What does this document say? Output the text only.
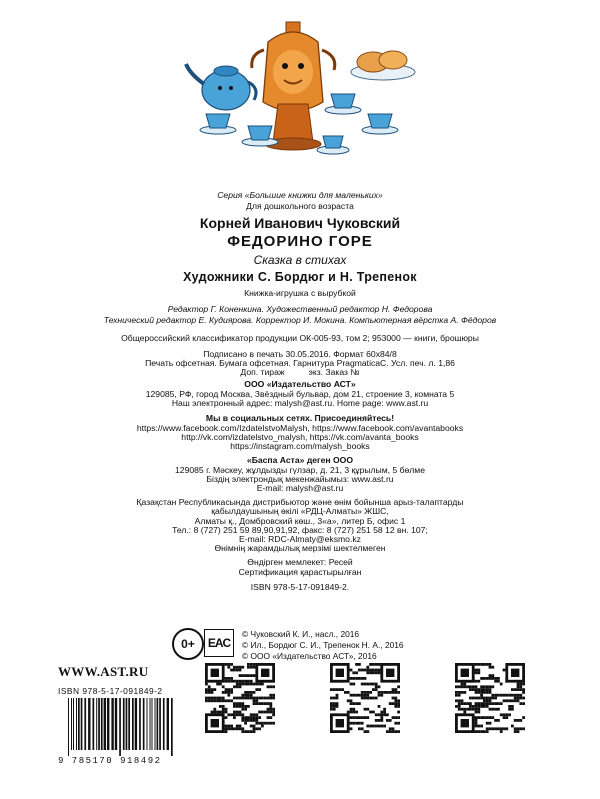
Серия «Большие книжки для маленьких»
Для дошкольного возраста
Корней Иванович Чуковский
ФЕДОРИНО ГОРЕ
Сказка в стихах
Художники С. Бордюг и Н. Трепенок
Книжка-игрушка с вырубкой
Редактор Г. Коненкина. Художественный редактор Н. Федорова
Технический редактор Е. Кудиярова. Корректор И. Мокина. Компьютерная вёрстка А. Фёдоров
Общероссийский классификатор продукции ОК-005-93, том 2; 953000 — книги, брошюры
Подписано в печать 30.05.2016. Формат 60х84/8
Печать офсетная. Бумага офсетная. Гарнитура PragmaticaC. Усл. печ. л. 1,86
Доп. тираж          экз. Заказ №
ООО «Издательство АСТ»
129085, РФ, город Москва, Звёздный бульвар, дом 21, строение 3, комната 5
Наш электронный адрес: malysh@ast.ru. Home page: www.ast.ru
Мы в социальных сетях. Присоединяйтесь!
https://www.facebook.com/IzdatelstvoMalysh, https://www.facebook.com/avantabooks
http://vk.com/izdatelstvo_malysh, https://vk.com/avanta_books
https://instagram.com/malysh_books
«Баспа Аста» деген ООО
129085 г. Мәскеу, жұлдызды гүлзар, д. 21, 3 құрылым, 5 бөлме
Біздің электрондық мекенжайымыз: www.ast.ru
E-mail: malysh@ast.ru
Қазақстан Республикасында дистрибьютор және өнім бойынша арыз-талаптарды
қабылдаушының өкілі «РДЦ-Алматы» ЖШС,
Алматы қ., Домбровский көш., 3«а», литер Б, офис 1
Тел.: 8 (727) 251 59 89,90,91,92, факс: 8 (727) 251 58 12 вн. 107;
E-mail: RDC-Almaty@eksmo.kz
Өнімнің жарамдылық мерзімі шектелмеген
Өндірген мемлекет: Ресей
Сертификация қарастырылған
ISBN 978-5-17-091849-2.
0+ EAC
© Чуковский К. И., насл., 2016
© Ил., Бордюг С. И., Трепенок Н. А., 2016
© ООО «Издательство АСТ», 2016
WWW.AST.RU
ISBN 978-5-17-091849-2
9 785170 918492
